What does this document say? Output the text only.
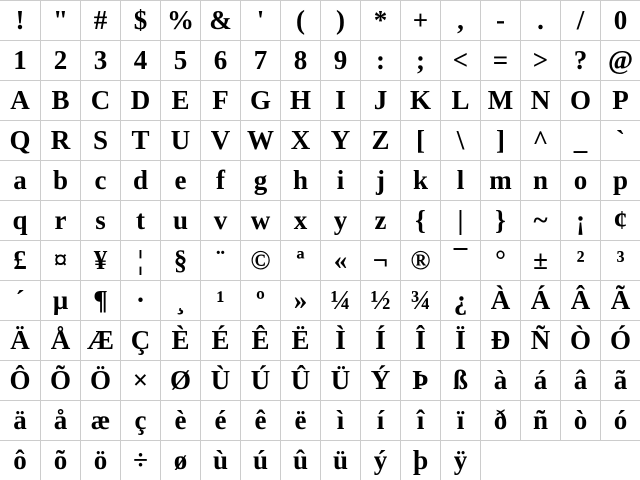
!	" # $ % & '	(	)	* +	,	-	.	/	0
1	2 3 4 5 6 7 8 9	:	;	< = > ? @
A B C D E F G H I	J K L M N O P
Q R S T U V W X Y Z [	\	]	^ _	`
a b c d e	f	g h	i	j	k	l m n o p
q r	s	t	u v w x y	z	{	|	}	~	¡	¢
£	¤ ¥	¦	§	¨ © ª	« ¬ ® ¯	°	±	²	³
´	µ ¶	·	¸	¹	º	» ¼ ½ ¾ ¿ À Á Â Ã
Ä Å Æ Ç È É Ê Ë Ì	Í	Î	Ï Ð Ñ Ò Ó
Ô Õ Ö × Ø Ù Ú Û Ü Ý Þ ß à á â ã
ä	å æ ç	è	é	ê	ë	ì	í	î	ï	ð ñ ò ó
ô	õ ö ÷ ø ù ú û ü ý þ ÿ
